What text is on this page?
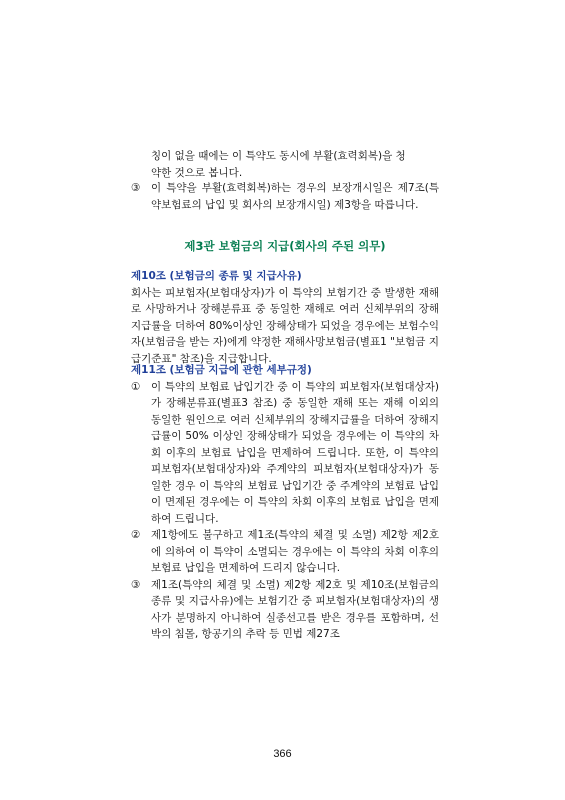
칭이 없을 때에는 이 특약도 동시에 부활(효력회복)을 청

약한 것으로 봅니다.

③	이 특약을 부활(효력회복)하는 경우의 보장개시일은 제7조(특약보험료의 납입 및 회사의 보장개시일) 제3항을 따릅니다.

제3관 보험금의 지급(회사의 주된 의무)

제10조 (보험금의 종류 및 지급사유)

회사는 피보험자(보험대상자)가 이 특약의 보험기간 중 발생한 재해로 사망하거나 장해분류표 중 동일한 재해로 여러 신체부위의 장해지급률을 더하여 80%이상인 장해상태가 되었을 경우에는 보험수익자(보험금을 받는 자)에게 약정한 재해사망보험금(별표1 "보험금 지급기준표" 참조)을 지급합니다.

제11조 (보험금 지급에 관한 세부규정)

①	이 특약의 보험료 납입기간 중 이 특약의 피보험자(보험대상자)가 장해분류표(별표3 참조) 중 동일한 재해 또는 재해 이외의 동일한 원인으로 여러 신체부위의 장해지급률을 더하여 장해지급률이 50% 이상인 장해상태가 되었을 경우에는 이 특약의 차회 이후의 보험료 납입을 면제하여 드립니다. 또한, 이 특약의 피보험자(보험대상자)와 주계약의 피보험자(보험대상자)가 동일한 경우 이 특약의 보험료 납입기간 중 주계약의 보험료 납입이 면제된 경우에는 이 특약의 차회 이후의 보험료 납입을 면제하여 드립니다.

②	제1항에도 불구하고 제1조(특약의 체결 및 소멸) 제2항 제2호에 의하여 이 특약이 소멸되는 경우에는 이 특약의 차회 이후의 보험료 납입을 면제하여 드리지 않습니다.

③	제1조(특약의 체결 및 소멸) 제2항 제2호 및 제10조(보험금의 종류 및 지급사유)에는 보험기간 중 피보험자(보험대상자)의 생사가 분명하지 아니하여 실종선고를 받은 경우를 포함하며, 선박의 침몰, 항공기의 추락 등 민법 제27조

366
